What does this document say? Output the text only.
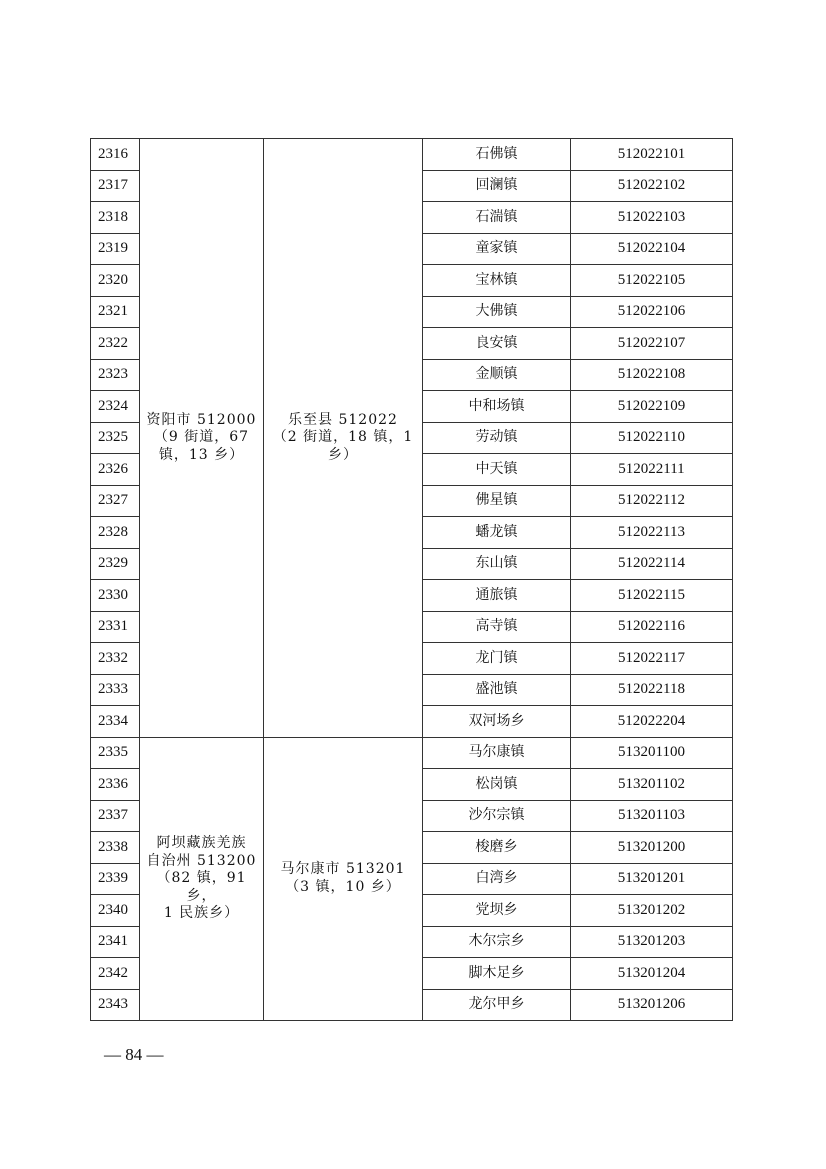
2316	资阳市 512000
（9 街道，67
镇，13 乡）	乐至县 512022
（2 街道，18 镇，1
乡）	石佛镇	512022101
2317			回澜镇	512022102
2318			石湍镇	512022103
2319			童家镇	512022104
2320			宝林镇	512022105
2321			大佛镇	512022106
2322			良安镇	512022107
2323			金顺镇	512022108
2324			中和场镇	512022109
2325			劳动镇	512022110
2326			中天镇	512022111
2327			佛星镇	512022112
2328			蟠龙镇	512022113
2329			东山镇	512022114
2330			通旅镇	512022115
2331			高寺镇	512022116
2332			龙门镇	512022117
2333			盛池镇	512022118
2334			双河场乡	512022204
2335	阿坝藏族羌族
自治州 513200
（82 镇，91 乡，
1 民族乡）	马尔康市 513201
（3 镇，10 乡）	马尔康镇	513201100
2336			松岗镇	513201102
2337			沙尔宗镇	513201103
2338			梭磨乡	513201200
2339			白湾乡	513201201
2340			党坝乡	513201202
2341			木尔宗乡	513201203
2342			脚木足乡	513201204
2343			龙尔甲乡	513201206
— 84 —
